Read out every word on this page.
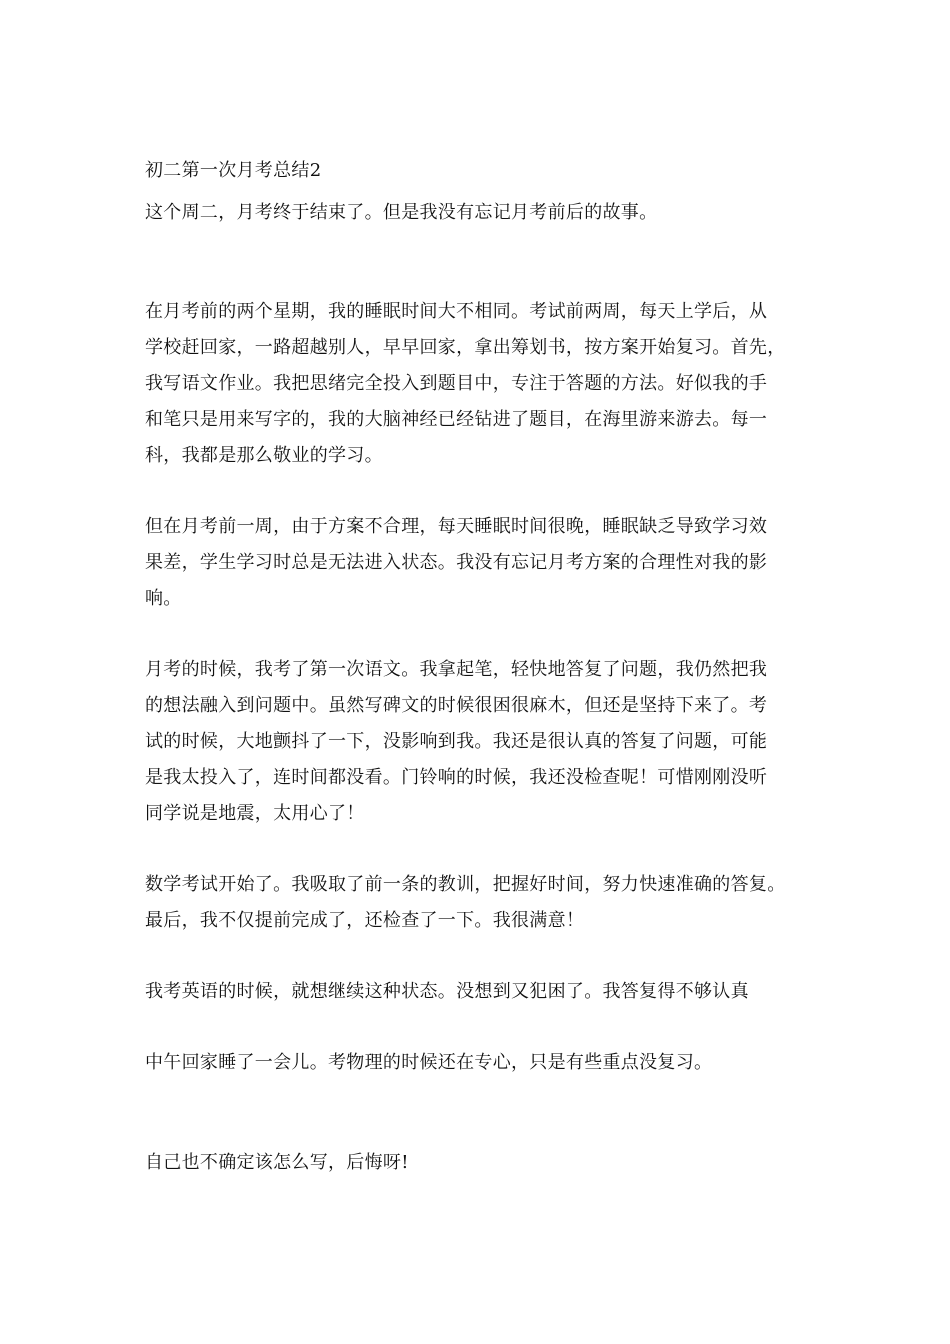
初二第一次月考总结2
这个周二，月考终于结束了。但是我没有忘记月考前后的故事。
在月考前的两个星期，我的睡眠时间大不相同。考试前两周，每天上学后，从
学校赶回家，一路超越别人，早早回家，拿出筹划书，按方案开始复习。首先，
我写语文作业。我把思绪完全投入到题目中，专注于答题的方法。好似我的手
和笔只是用来写字的，我的大脑神经已经钻进了题目，在海里游来游去。每一
科，我都是那么敬业的学习。
但在月考前一周，由于方案不合理，每天睡眠时间很晚，睡眠缺乏导致学习效
果差，学生学习时总是无法进入状态。我没有忘记月考方案的合理性对我的影
响。
月考的时候，我考了第一次语文。我拿起笔，轻快地答复了问题，我仍然把我
的想法融入到问题中。虽然写碑文的时候很困很麻木，但还是坚持下来了。考
试的时候，大地颤抖了一下，没影响到我。我还是很认真的答复了问题，可能
是我太投入了，连时间都没看。门铃响的时候，我还没检查呢！可惜刚刚没听
同学说是地震，太用心了！
数学考试开始了。我吸取了前一条的教训，把握好时间，努力快速准确的答复。
最后，我不仅提前完成了，还检查了一下。我很满意！
我考英语的时候，就想继续这种状态。没想到又犯困了。我答复得不够认真
中午回家睡了一会儿。考物理的时候还在专心，只是有些重点没复习。
自己也不确定该怎么写，后悔呀!
